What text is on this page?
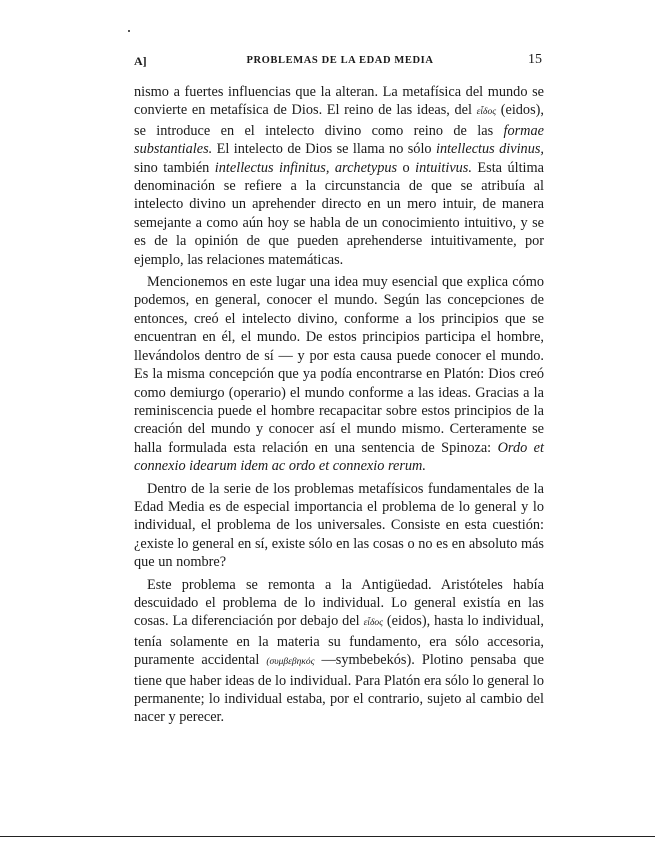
A]	PROBLEMAS DE LA EDAD MEDIA	15

nismo a fuertes influencias que la alteran. La metafísica del mundo se convierte en metafísica de Dios. El reino de las ideas, del εἶδος (eidos), se introduce en el intelecto divino como reino de las formae substantiales. El intelecto de Dios se llama no sólo intellectus divinus, sino también intellectus infinitus, archetypus o intuitivus. Esta última denominación se refiere a la circunstancia de que se atribuía al intelecto divino un aprehender directo en un mero intuir, de manera semejante a como aún hoy se habla de un conocimiento intuitivo, y se es de la opinión de que pueden aprehenderse intuitivamente, por ejemplo, las relaciones matemáticas.

Mencionemos en este lugar una idea muy esencial que explica cómo podemos, en general, conocer el mundo. Según las concepciones de entonces, creó el intelecto divino, conforme a los principios que se encuentran en él, el mundo. De estos principios participa el hombre, llevándolos dentro de sí — y por esta causa puede conocer el mundo. Es la misma concepción que ya podía encontrarse en Platón: Dios creó como demiurgo (operario) el mundo conforme a las ideas. Gracias a la reminiscencia puede el hombre recapacitar sobre estos principios de la creación del mundo y conocer así el mundo mismo. Certeramente se halla formulada esta relación en una sentencia de Spinoza: Ordo et connexio idearum idem ac ordo et connexio rerum.

Dentro de la serie de los problemas metafísicos fundamentales de la Edad Media es de especial importancia el problema de lo general y lo individual, el problema de los universales. Consiste en esta cuestión: ¿existe lo general en sí, existe sólo en las cosas o no es en absoluto más que un nombre?

Este problema se remonta a la Antigüedad. Aristóteles había descuidado el problema de lo individual. Lo general existía en las cosas. La diferenciación por debajo del εἶδος (eidos), hasta lo individual, tenía solamente en la materia su fundamento, era sólo accesoria, puramente accidental (συμβεβηκός —symbebekós). Plotino pensaba que tiene que haber ideas de lo individual. Para Platón era sólo lo general lo permanente; lo individual estaba, por el contrario, sujeto al cambio del nacer y perecer.
